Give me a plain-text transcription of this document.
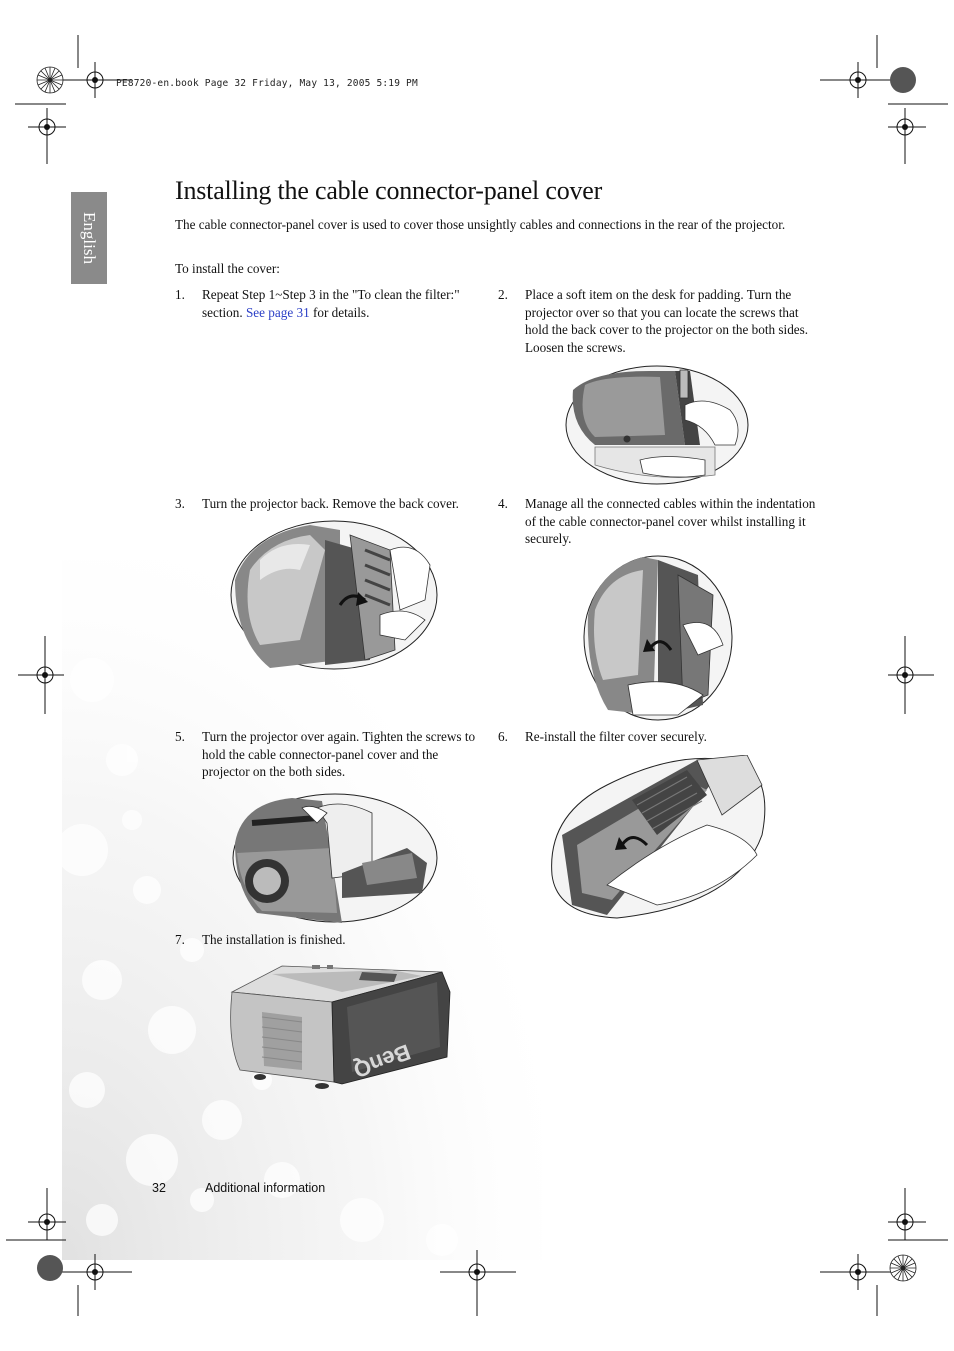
PE8720-en.book Page 32 Friday, May 13, 2005 5:19 PM
English
Installing the cable connector-panel cover
The cable connector-panel cover is used to cover those unsightly cables and connections in the rear of the projector.
To install the cover:
1. Repeat Step 1~Step 3 in the "To clean the filter:" section. See page 31 for details.
2. Place a soft item on the desk for padding. Turn the projector over so that you can locate the screws that hold the back cover to the projector on the both sides. Loosen the screws.
3. Turn the projector back. Remove the back cover.	4. Manage all the connected cables within the indentation of the cable connector-panel cover whilst installing it securely.
5. Turn the projector over again. Tighten the screws to hold the cable connector-panel cover and the projector on the both sides.
6. Re-install the filter cover securely.
7. The installation is finished.
BenQ
32	Additional information
